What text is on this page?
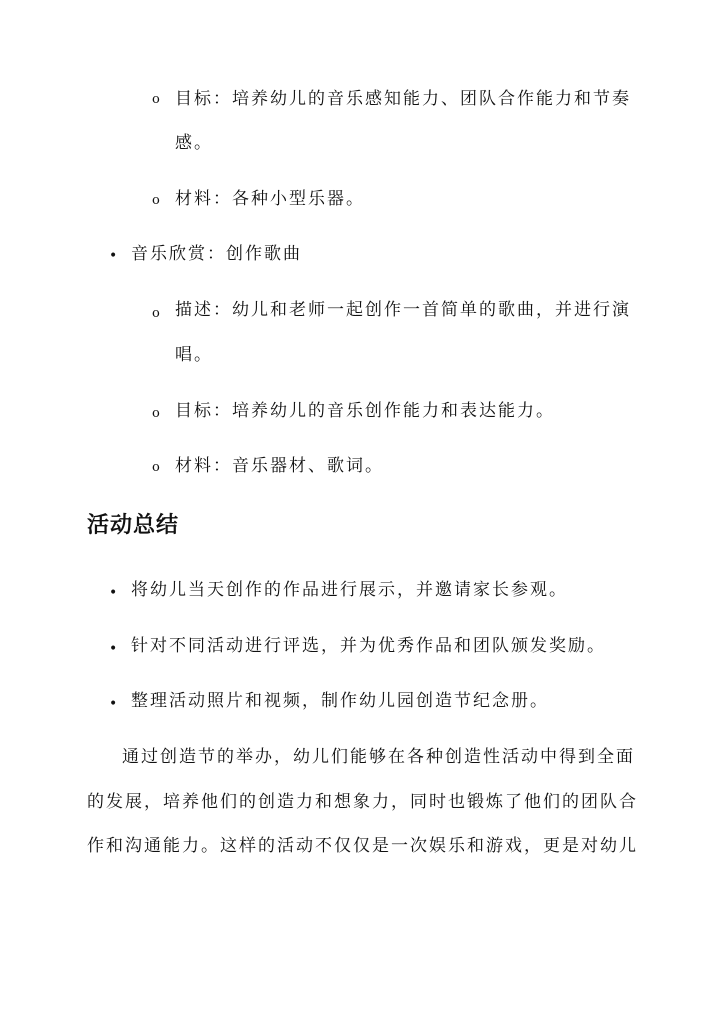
o 目标：培养幼儿的音乐感知能力、团队合作能力和节奏
感。
o 材料：各种小型乐器。
• 音乐欣赏：创作歌曲
o 描述：幼儿和老师一起创作一首简单的歌曲，并进行演
唱。
o 目标：培养幼儿的音乐创作能力和表达能力。
o 材料：音乐器材、歌词。
活动总结
• 将幼儿当天创作的作品进行展示，并邀请家长参观。
• 针对不同活动进行评选，并为优秀作品和团队颁发奖励。
• 整理活动照片和视频，制作幼儿园创造节纪念册。
通过创造节的举办，幼儿们能够在各种创造性活动中得到全面
的发展，培养他们的创造力和想象力，同时也锻炼了他们的团队合
作和沟通能力。这样的活动不仅仅是一次娱乐和游戏，更是对幼儿
